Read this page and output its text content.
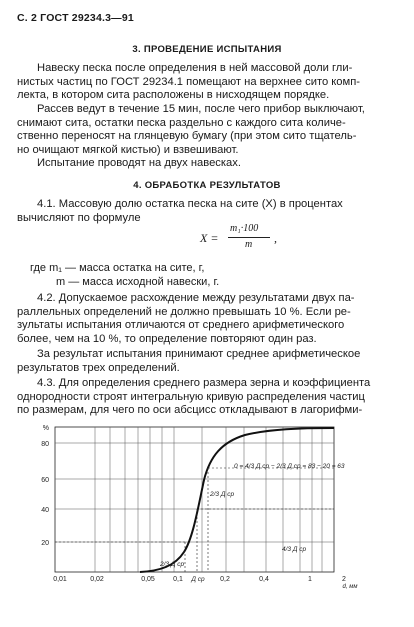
С. 2 ГОСТ 29234.3—91
3. ПРОВЕДЕНИЕ ИСПЫТАНИЯ
Навеску песка после определения в ней массовой доли гли-
нистых частиц по ГОСТ 29234.1 помещают на верхнее сито комп-
лекта, в котором сита расположены в нисходящем порядке.
Рассев ведут в течение 15 мин, после чего прибор выключают,
снимают сита, остатки песка раздельно с каждого сита количе-
ственно переносят на глянцевую бумагу (при этом сито тщатель-
но очищают мягкой кистью) и взвешивают.
Испытание проводят на двух навесках.
4. ОБРАБОТКА РЕЗУЛЬТАТОВ
4.1. Массовую долю остатка песка на сите (X) в процентах
вычисляют по формуле
X =
m₁·100
m ,
где m₁ — масса остатка на сите, г,
m — масса исходной навески, г.
4.2. Допускаемое расхождение между результатами двух па-
раллельных определений не должно превышать 10 %. Если ре-
зультаты испытания отличаются от среднего арифметического
более, чем на 10 %, то определение повторяют один раз.
За результат испытания принимают среднее арифметическое
результатов трех определений.
4.3. Для определения среднего размера зерна и коэффициента
однородности строят интегральную кривую распределения частиц
по размерам, для чего по оси абсцисс откладывают в лагорифми-
%
80
60
40
20
0,01	0,02	0,05	0,1	0,2	0,4	1	2
d, мм
0 = 4/3 Д ср − 2/3 Д ср = 83 − 20 = 63
4/3 Д ср
2/3 Д ср
Д ср
2/3 Д ср
